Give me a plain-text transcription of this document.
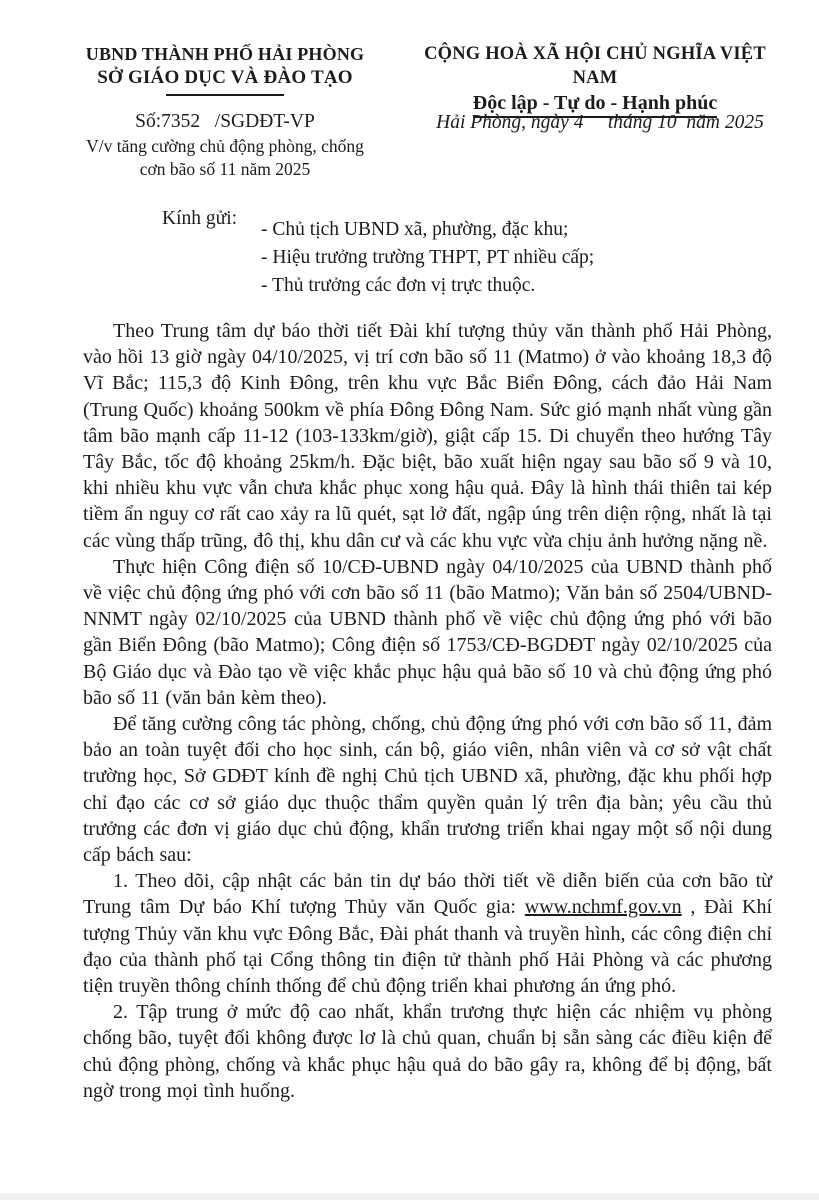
UBND THÀNH PHỐ HẢI PHÒNG
SỞ GIÁO DỤC VÀ ĐÀO TẠO
CỘNG HOÀ XÃ HỘI CHỦ NGHĨA VIỆT NAM
Độc lập - Tự do - Hạnh phúc
Số:7352   /SGDĐT-VP
V/v tăng cường chủ động phòng, chống
cơn bão số 11 năm 2025
Hải Phòng, ngày 4     tháng 10  năm 2025
Kính gửi:
- Chủ tịch UBND xã, phường, đặc khu;
- Hiệu trưởng trường THPT, PT nhiều cấp;
- Thủ trưởng các đơn vị trực thuộc.

Theo Trung tâm dự báo thời tiết Đài khí tượng thủy văn thành phố Hải Phòng, vào hồi 13 giờ ngày 04/10/2025, vị trí cơn bão số 11 (Matmo) ở vào khoảng 18,3 độ Vĩ Bắc; 115,3 độ Kinh Đông, trên khu vực Bắc Biển Đông, cách đảo Hải Nam (Trung Quốc) khoảng 500km về phía Đông Đông Nam. Sức gió mạnh nhất vùng gần tâm bão mạnh cấp 11-12 (103-133km/giờ), giật cấp 15. Di chuyển theo hướng Tây Tây Bắc, tốc độ khoảng 25km/h. Đặc biệt, bão xuất hiện ngay sau bão số 9 và 10, khi nhiều khu vực vẫn chưa khắc phục xong hậu quả. Đây là hình thái thiên tai kép tiềm ẩn nguy cơ rất cao xảy ra lũ quét, sạt lở đất, ngập úng trên diện rộng, nhất là tại các vùng thấp trũng, đô thị, khu dân cư và các khu vực vừa chịu ảnh hưởng nặng nề.

Thực hiện Công điện số 10/CĐ-UBND ngày 04/10/2025 của UBND thành phố về việc chủ động ứng phó với cơn bão số 11 (bão Matmo); Văn bản số 2504/UBND-NNMT ngày 02/10/2025 của UBND thành phố về việc chủ động ứng phó với bão gần Biển Đông (bão Matmo); Công điện số 1753/CĐ-BGDĐT ngày 02/10/2025 của Bộ Giáo dục và Đào tạo về việc khắc phục hậu quả bão số 10 và chủ động ứng phó bão số 11 (văn bản kèm theo).

Để tăng cường công tác phòng, chống, chủ động ứng phó với cơn bão số 11, đảm bảo an toàn tuyệt đối cho học sinh, cán bộ, giáo viên, nhân viên và cơ sở vật chất trường học, Sở GDĐT kính đề nghị Chủ tịch UBND xã, phường, đặc khu phối hợp chỉ đạo các cơ sở giáo dục thuộc thẩm quyền quản lý trên địa bàn; yêu cầu thủ trưởng các đơn vị giáo dục chủ động, khẩn trương triển khai ngay một số nội dung cấp bách sau:

1. Theo dõi, cập nhật các bản tin dự báo thời tiết về diễn biến của cơn bão từ Trung tâm Dự báo Khí tượng Thủy văn Quốc gia: www.nchmf.gov.vn , Đài Khí tượng Thủy văn khu vực Đông Bắc, Đài phát thanh và truyền hình, các công điện chỉ đạo của thành phố tại Cổng thông tin điện tử thành phố Hải Phòng và các phương tiện truyền thông chính thống để chủ động triển khai phương án ứng phó.

2. Tập trung ở mức độ cao nhất, khẩn trương thực hiện các nhiệm vụ phòng chống bão, tuyệt đối không được lơ là chủ quan, chuẩn bị sẵn sàng các điều kiện để chủ động phòng, chống và khắc phục hậu quả do bão gây ra, không để bị động, bất ngờ trong mọi tình huống.
